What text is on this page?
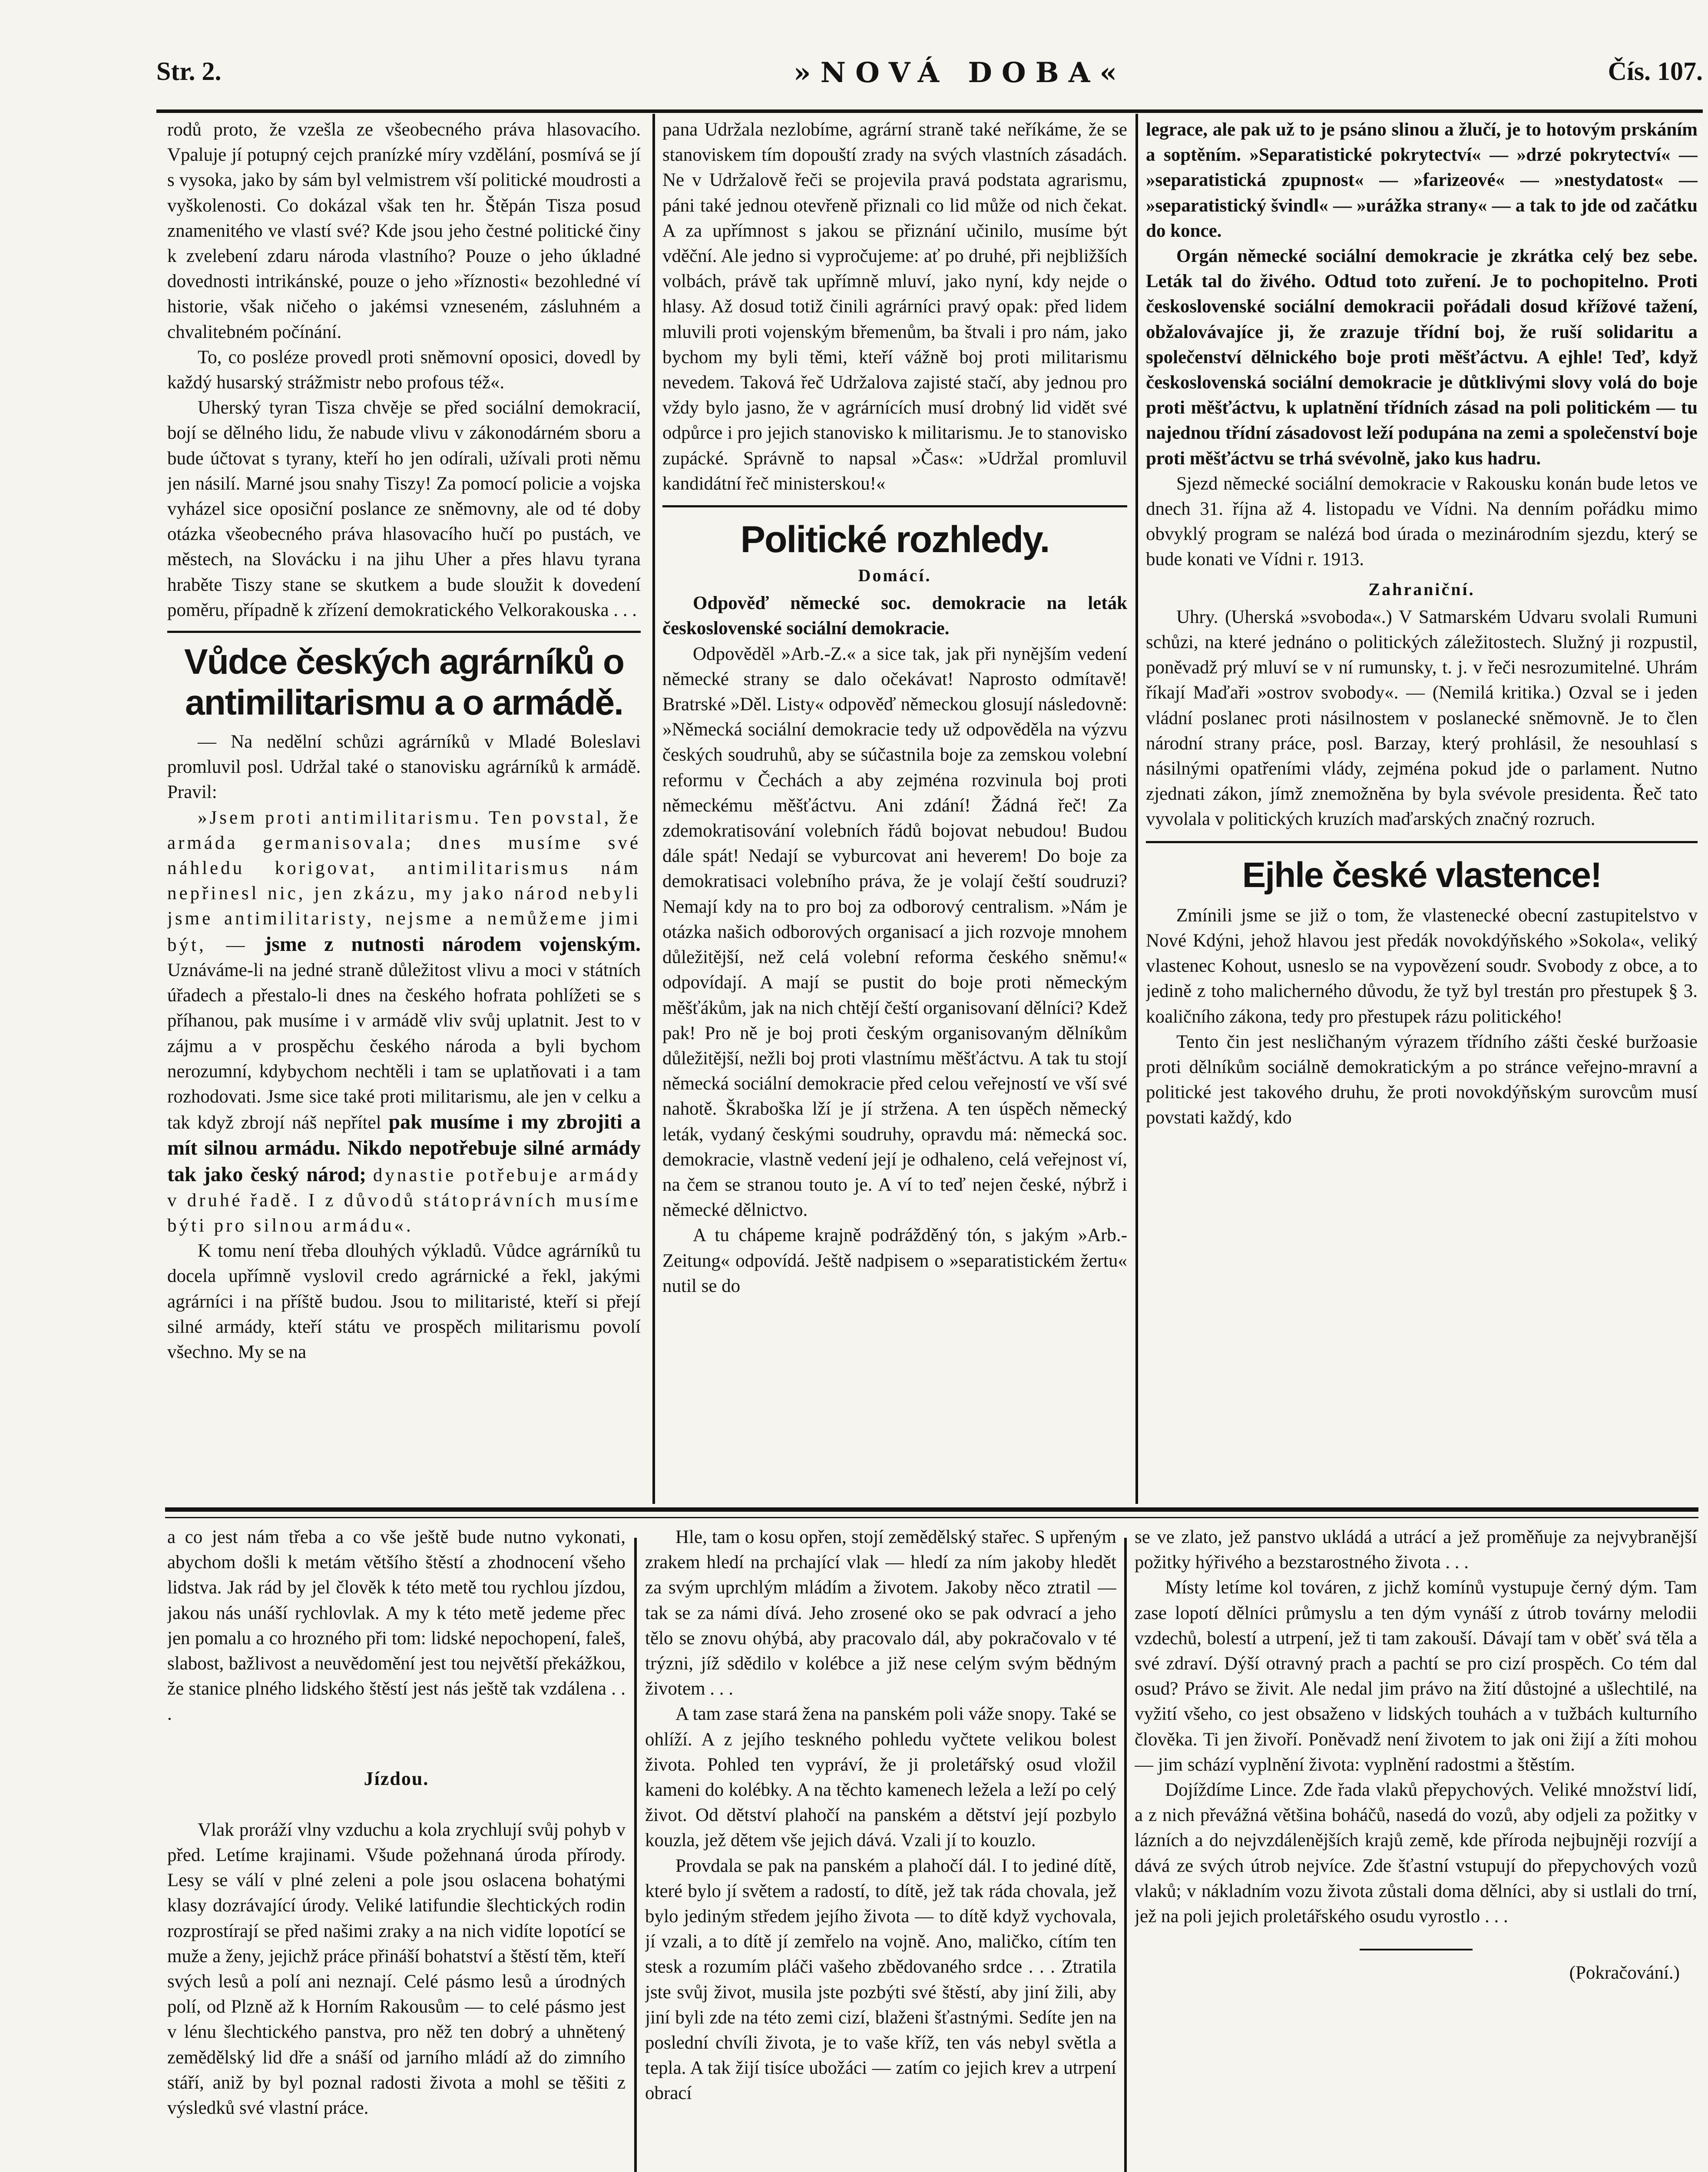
Str. 2.	»NOVÁ DOBA«	Čís. 107.

rodů proto, že vzešla ze všeobecného práva hlasovacího. Vpaluje jí potupný cejch pranízké míry vzdělání, posmívá se jí s vysoka, jako by sám byl velmistrem vší politické moudrosti a vyškolenosti. Co dokázal však ten hr. Štěpán Tisza posud znamenitého ve vlastí své? Kde jsou jeho čestné politické činy k zvelebení zdaru národa vlastního? Pouze o jeho úkladné dovednosti intrikánské, pouze o jeho »říznosti« bezohledné ví historie, však ničeho o jakémsi vzneseném, zásluhném a chvalitebném počínání.

To, co posléze provedl proti sněmovní oposici, dovedl by každý husarský strážmistr nebo profous též«.

Uherský tyran Tisza chvěje se před sociální demokracií, bojí se dělného lidu, že nabude vlivu v zákonodárném sboru a bude účtovat s tyrany, kteří ho jen odírali, užívali proti němu jen násilí. Marné jsou snahy Tiszy! Za pomocí policie a vojska vyházel sice oposiční poslance ze sněmovny, ale od té doby otázka všeobecného práva hlasovacího hučí po pustách, ve městech, na Slovácku i na jihu Uher a přes hlavu tyrana hraběte Tiszy stane se skutkem a bude sloužit k dovedení poměru, případně k zřízení demokratického Velkorakouska . . .

Vůdce českých agrárníků o antimilitarismu a o armádě.

— Na nedělní schůzi agrárníků v Mladé Boleslavi promluvil posl. Udržal také o stanovisku agrárníků k armádě. Pravil:

»Jsem proti antimilitarismu. Ten povstal, že armáda germanisovala; dnes musíme své náhledu korigovat, antimilitarismus nám nepřinesl nic, jen zkázu, my jako národ nebyli jsme antimilitaristy, nejsme a nemůžeme jimi být, — jsme z nutnosti národem vojenským. Uznáváme-li na jedné straně důležitost vlivu a moci v státních úřadech a přestalo-li dnes na českého hofrata pohlížeti se s příhanou, pak musíme i v armádě vliv svůj uplatnit. Jest to v zájmu a v prospěchu českého národa a byli bychom nerozumní, kdybychom nechtěli i tam se uplatňovati i a tam rozhodovati. Jsme sice také proti militarismu, ale jen v celku a tak když zbrojí náš nepřítel pak musíme i my zbrojiti a mít silnou armádu. Nikdo nepotřebuje silné armády tak jako český národ; dynastie potřebuje armády v druhé řadě. I z důvodů státoprávních musíme býti pro silnou armádu«.

K tomu není třeba dlouhých výkladů. Vůdce agrárníků tu docela upřímně vyslovil credo agrárnické a řekl, jakými agrárníci i na příště budou. Jsou to militaristé, kteří si přejí silné armády, kteří státu ve prospěch militarismu povolí všechno. My se na

pana Udržala nezlobíme, agrární straně také neříkáme, že se stanoviskem tím dopouští zrady na svých vlastních zásadách. Ne v Udržalově řeči se projevila pravá podstata agrarismu, páni také jednou otevřeně přiznali co lid může od nich čekat. A za upřímnost s jakou se přiznání učinilo, musíme být vděční. Ale jedno si vypročujeme: ať po druhé, při nejbližších volbách, právě tak upřímně mluví, jako nyní, kdy nejde o hlasy. Až dosud totiž činili agrárníci pravý opak: před lidem mluvili proti vojenským břemenům, ba štvali i pro nám, jako bychom my byli těmi, kteří vážně boj proti militarismu nevedem. Taková řeč Udržalova zajisté stačí, aby jednou pro vždy bylo jasno, že v agrárnících musí drobný lid vidět své odpůrce i pro jejich stanovisko k militarismu. Je to stanovisko zupácké. Správně to napsal »Čas«: »Udržal promluvil kandidátní řeč ministerskou!«

Politické rozhledy.
Domácí.

Odpověď německé soc. demokracie na leták československé sociální demokracie.

Odpověděl »Arb.-Z.« a sice tak, jak při nynějším vedení německé strany se dalo očekávat! Naprosto odmítavě! Bratrské »Děl. Listy« odpověď německou glosují následovně: »Německá sociální demokracie tedy už odpověděla na výzvu českých soudruhů, aby se súčastnila boje za zemskou volební reformu v Čechách a aby zejména rozvinula boj proti německému měšťáctvu. Ani zdání! Žádná řeč! Za zdemokratisování volebních řádů bojovat nebudou! Budou dále spát! Nedají se vyburcovat ani heverem! Do boje za demokratisaci volebního práva, že je volají čeští soudruzi? Nemají kdy na to pro boj za odborový centralism. »Nám je otázka našich odborových organisací a jich rozvoje mnohem důležitější, než celá volební reforma českého sněmu!« odpovídají. A mají se pustit do boje proti německým měšťákům, jak na nich chtějí čeští organisovaní dělníci? Kdež pak! Pro ně je boj proti českým organisovaným dělníkům důležitější, nežli boj proti vlastnímu měšťáctvu. A tak tu stojí německá sociální demokracie před celou veřejností ve vší své nahotě. Škraboška lží je jí stržena. A ten úspěch německý leták, vydaný českými soudruhy, opravdu má: německá soc. demokracie, vlastně vedení její je odhaleno, celá veřejnost ví, na čem se stranou touto je. A ví to teď nejen české, nýbrž i německé dělnictvo.

A tu chápeme krajně podrážděný tón, s jakým »Arb.-Zeitung« odpovídá. Ještě nadpisem o »separatistickém žertu« nutil se do

legrace, ale pak už to je psáno slinou a žlučí, je to hotovým prskáním a soptěním. »Separatistické pokrytectví« — »drzé pokrytectví« — »separatistická zpupnost« — »farizeové« — »nestydatost« — »separatistický švindl« — »urážka strany« — a tak to jde od začátku do konce.

Orgán německé sociální demokracie je zkrátka celý bez sebe. Leták tal do živého. Odtud toto zuření. Je to pochopitelno. Proti československé sociální demokracii pořádali dosud křížové tažení, obžalovávajíce ji, že zrazuje třídní boj, že ruší solidaritu a společenství dělnického boje proti měšťáctvu. A ejhle! Teď, když československá sociální demokracie je důtklivými slovy volá do boje proti měšťáctvu, k uplatnění třídních zásad na poli politickém — tu najednou třídní zásadovost leží podupána na zemi a společenství boje proti měšťáctvu se trhá svévolně, jako kus hadru.

Sjezd německé sociální demokracie v Rakousku konán bude letos ve dnech 31. října až 4. listopadu ve Vídni. Na denním pořádku mimo obvyklý program se nalézá bod úrada o mezinárodním sjezdu, který se bude konati ve Vídni r. 1913.

Zahraniční.

Uhry. (Uherská »svoboda«.) V Satmarském Udvaru svolali Rumuni schůzi, na které jednáno o politických záležitostech. Služný ji rozpustil, poněvadž prý mluví se v ní rumunsky, t. j. v řeči nesrozumitelné. Uhrám říkají Maďaři »ostrov svobody«. — (Nemilá kritika.) Ozval se i jeden vládní poslanec proti násilnostem v poslanecké sněmovně. Je to člen národní strany práce, posl. Barzay, který prohlásil, že nesouhlasí s násilnými opatřeními vlády, zejména pokud jde o parlament. Nutno zjednati zákon, jímž znemožněna by byla svévole presidenta. Řeč tato vyvolala v politických kruzích maďarských značný rozruch.

Ejhle české vlastence!

Zmínili jsme se již o tom, že vlastenecké obecní zastupitelstvo v Nové Kdýni, jehož hlavou jest předák novokdýňského »Sokola«, veliký vlastenec Kohout, usneslo se na vypovězení soudr. Svobody z obce, a to jedině z toho malicherného důvodu, že tyž byl trestán pro přestupek § 3. koaličního zákona, tedy pro přestupek rázu politického!

Tento čin jest nesličhaným výrazem třídního zášti české buržoasie proti dělníkům sociálně demokratickým a po stránce veřejno-mravní a politické jest takového druhu, že proti novokdýňským surovcům musí povstati každý, kdo

a co jest nám třeba a co vše ještě bude nutno vykonati, abychom došli k metám většího štěstí a zhodnocení všeho lidstva. Jak rád by jel člověk k této metě tou rychlou jízdou, jakou nás unáší rychlovlak. A my k této metě jedeme přec jen pomalu a co hrozného při tom: lidské nepochopení, faleš, slabost, bažlivost a neuvědomění jest tou největší překážkou, že stanice plného lidského štěstí jest nás ještě tak vzdálena . . .

Jízdou.

Vlak proráží vlny vzduchu a kola zrychlují svůj pohyb v před. Letíme krajinami. Všude požehnaná úroda přírody. Lesy se válí v plné zeleni a pole jsou oslacena bohatými klasy dozrávající úrody. Veliké latifundie šlechtických rodin rozprostírají se před našimi zraky a na nich vidíte lopotící se muže a ženy, jejichž práce přináší bohatství a štěstí těm, kteří svých lesů a polí ani neznají. Celé pásmo lesů a úrodných polí, od Plzně až k Horním Rakousům — to celé pásmo jest v lénu šlechtického panstva, pro něž ten dobrý a uhnětený zemědělský lid dře a snáší od jarního mládí až do zimního stáří, aniž by byl poznal radosti života a mohl se těšiti z výsledků své vlastní práce.

Hle, tam o kosu opřen, stojí zemědělský stařec. S upřeným zrakem hledí na prchající vlak — hledí za ním jakoby hledět za svým uprchlým mládím a životem. Jakoby něco ztratil — tak se za námi dívá. Jeho zrosené oko se pak odvrací a jeho tělo se znovu ohýbá, aby pracovalo dál, aby pokračovalo v té trýzni, jíž sdědilo v kolébce a již nese celým svým bědným životem . . .

A tam zase stará žena na panském poli váže snopy. Také se ohlíží. A z jejího teskného pohledu vyčtete velikou bolest života. Pohled ten vypráví, že ji proletářský osud vložil kameni do kolébky. A na těchto kamenech ležela a leží po celý život. Od dětství plahočí na panském a dětství její pozbylo kouzla, jež dětem vše jejich dává. Vzali jí to kouzlo.

Provdala se pak na panském a plahočí dál. I to jediné dítě, které bylo jí světem a radostí, to dítě, jež tak ráda chovala, jež bylo jediným středem jejího života — to dítě když vychovala, jí vzali, a to dítě jí zemřelo na vojně. Ano, maličko, cítím ten stesk a rozumím pláči vašeho zbědovaného srdce . . . Ztratila jste svůj život, musila jste pozbýti své štěstí, aby jiní žili, aby jiní byli zde na této zemi cizí, blaženi šťastnými. Sedíte jen na poslední chvíli života, je to vaše kříž, ten vás nebyl světla a tepla. A tak žijí tisíce ubožáci — zatím co jejich krev a utrpení obrací

se ve zlato, jež panstvo ukládá a utrácí a jež proměňuje za nejvybranější požitky hýřivého a bezstarostného života . . .

Místy letíme kol továren, z jichž komínů vystupuje černý dým. Tam zase lopotí dělníci průmyslu a ten dým vynáší z útrob továrny melodii vzdechů, bolestí a utrpení, jež ti tam zakouší. Dávají tam v oběť svá těla a své zdraví. Dýší otravný prach a pachtí se pro cizí prospěch. Co tém dal osud? Právo se živit. Ale nedal jim právo na žití důstojné a ušlechtilé, na vyžití všeho, co jest obsaženo v lidských touhách a v tužbách kulturního člověka. Ti jen živoří. Poněvadž není životem to jak oni žijí a žíti mohou — jim schází vyplnění života: vyplnění radostmi a štěstím.

Dojíždíme Lince. Zde řada vlaků přepychových. Veliké množství lidí, a z nich převážná většina boháčů, nasedá do vozů, aby odjeli za požitky v lázních a do nejvzdálenějších krajů země, kde příroda nejbujněji rozvíjí a dává ze svých útrob nejvíce. Zde šťastní vstupují do přepychových vozů vlaků; v nákladním vozu života zůstali doma dělníci, aby si ustlali do trní, jež na poli jejich proletářského osudu vyrostlo . . .

(Pokračování.)
